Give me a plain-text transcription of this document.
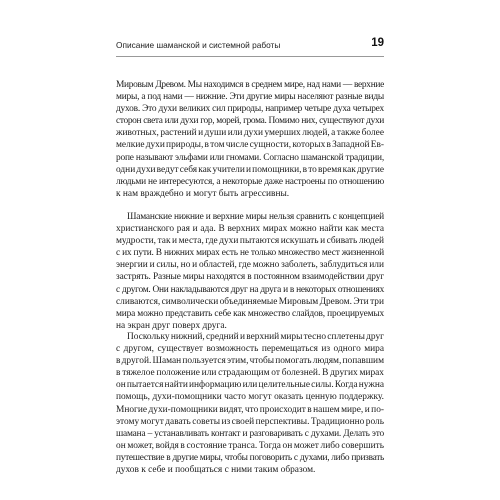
Описание шаманской и системной работы	19
Мировым Древом. Мы находимся в среднем мире, над нами — верхние
миры, а под нами — нижние. Эти другие миры населяют разные виды
духов. Это духи великих сил природы, например четыре духа четырех
сторон света или духи гор, морей, грома. Помимо них, существуют духи
животных, растений и души или духи умерших людей, а также более
мелкие духи природы, в том числе сущности, которых в Западной Ев-
ропе называют эльфами или гномами. Согласно шаманской традиции,
одни духи ведут себя как учители и помощники, в то время как другие
людьми не интересуются, а некоторые даже настроены по отношению
к нам враждебно и могут быть агрессивны.
Шаманские нижние и верхние миры нельзя сравнить с концепцией
христианского рая и ада. В верхних мирах можно найти как места
мудрости, так и места, где духи пытаются искушать и сбивать людей
с их пути. В нижних мирах есть не только множество мест жизненной
энергии и силы, но и областей, где можно заболеть, заблудиться или
застрять. Разные миры находятся в постоянном взаимодействии друг
с другом. Они накладываются друг на друга и в некоторых отношениях
сливаются, символически объединяемые Мировым Древом. Эти три
мира можно представить себе как множество слайдов, проецируемых
на экран друг поверх друга.
Поскольку нижний, средний и верхний миры тесно сплетены друг
с другом, существует возможность перемещаться из одного мира
в другой. Шаман пользуется этим, чтобы помогать людям, попавшим
в тяжелое положение или страдающим от болезней. В других мирах
он пытается найти информацию или целительные силы. Когда нужна
помощь, духи-помощники часто могут оказать ценную поддержку.
Многие духи-помощники видят, что происходит в нашем мире, и по-
этому могут давать советы из своей перспективы. Традиционно роль
шамана – устанавливать контакт и разговаривать с духами. Делать это
он может, войдя в состояние транса. Тогда он может либо совершить
путешествие в другие миры, чтобы поговорить с духами, либо призвать
духов к себе и пообщаться с ними таким образом.
